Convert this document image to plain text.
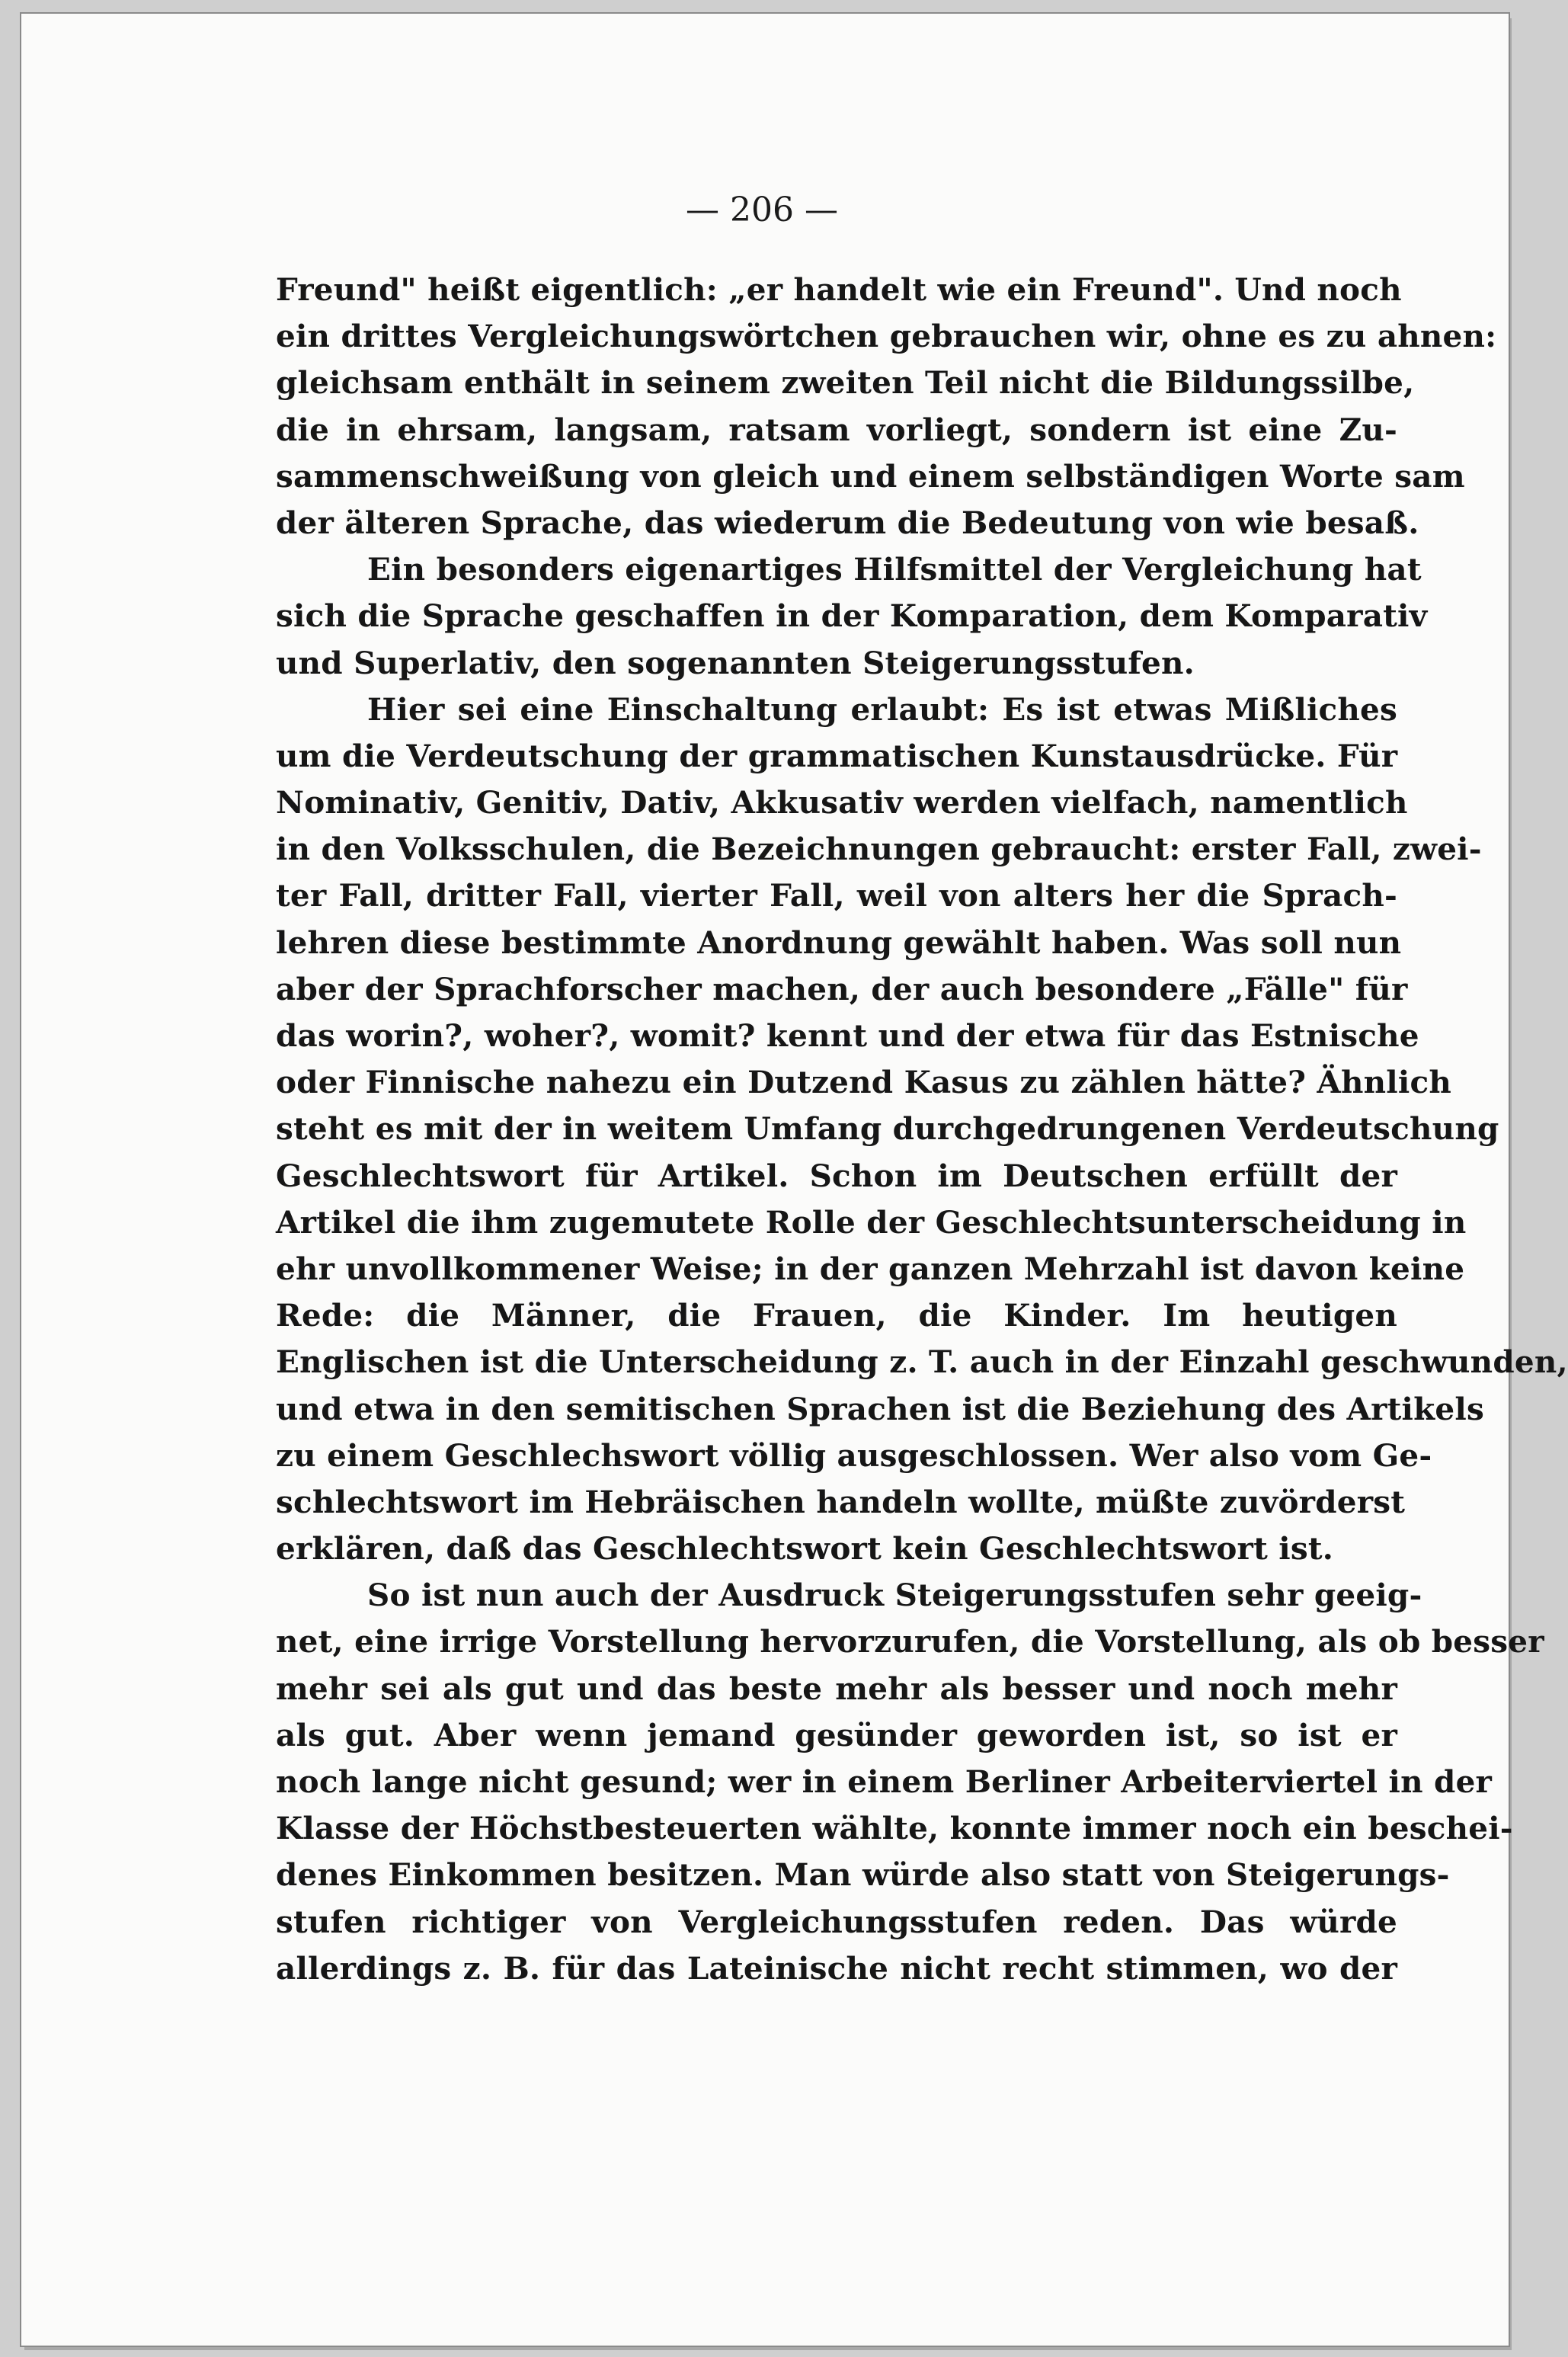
— 206 —
Freund" heißt eigentlich: „er handelt wie ein Freund". Und noch
ein drittes Vergleichungswörtchen gebrauchen wir, ohne es zu ahnen:
gleichsam enthält in seinem zweiten Teil nicht die Bildungssilbe,
die in ehrsam, langsam, ratsam vorliegt, sondern ist eine Zu-
sammenschweißung von gleich und einem selbständigen Worte sam
der älteren Sprache, das wiederum die Bedeutung von wie besaß.
Ein besonders eigenartiges Hilfsmittel der Vergleichung hat
sich die Sprache geschaffen in der Komparation, dem Komparativ
und Superlativ, den sogenannten Steigerungsstufen.
Hier sei eine Einschaltung erlaubt: Es ist etwas Mißliches
um die Verdeutschung der grammatischen Kunstausdrücke. Für
Nominativ, Genitiv, Dativ, Akkusativ werden vielfach, namentlich
in den Volksschulen, die Bezeichnungen gebraucht: erster Fall, zwei-
ter Fall, dritter Fall, vierter Fall, weil von alters her die Sprach-
lehren diese bestimmte Anordnung gewählt haben. Was soll nun
aber der Sprachforscher machen, der auch besondere „Fälle" für
das worin?, woher?, womit? kennt und der etwa für das Estnische
oder Finnische nahezu ein Dutzend Kasus zu zählen hätte? Ähnlich
steht es mit der in weitem Umfang durchgedrungenen Verdeutschung
Geschlechtswort für Artikel. Schon im Deutschen erfüllt der
Artikel die ihm zugemutete Rolle der Geschlechtsunterscheidung in
ehr unvollkommener Weise; in der ganzen Mehrzahl ist davon keine
Rede: die Männer, die Frauen, die Kinder. Im heutigen
Englischen ist die Unterscheidung z. T. auch in der Einzahl geschwunden,
und etwa in den semitischen Sprachen ist die Beziehung des Artikels
zu einem Geschlechswort völlig ausgeschlossen. Wer also vom Ge-
schlechtswort im Hebräischen handeln wollte, müßte zuvörderst
erklären, daß das Geschlechtswort kein Geschlechtswort ist.
So ist nun auch der Ausdruck Steigerungsstufen sehr geeig-
net, eine irrige Vorstellung hervorzurufen, die Vorstellung, als ob besser
mehr sei als gut und das beste mehr als besser und noch mehr
als gut. Aber wenn jemand gesünder geworden ist, so ist er
noch lange nicht gesund; wer in einem Berliner Arbeiterviertel in der
Klasse der Höchstbesteuerten wählte, konnte immer noch ein beschei-
denes Einkommen besitzen. Man würde also statt von Steigerungs-
stufen richtiger von Vergleichungsstufen reden. Das würde
allerdings z. B. für das Lateinische nicht recht stimmen, wo der
